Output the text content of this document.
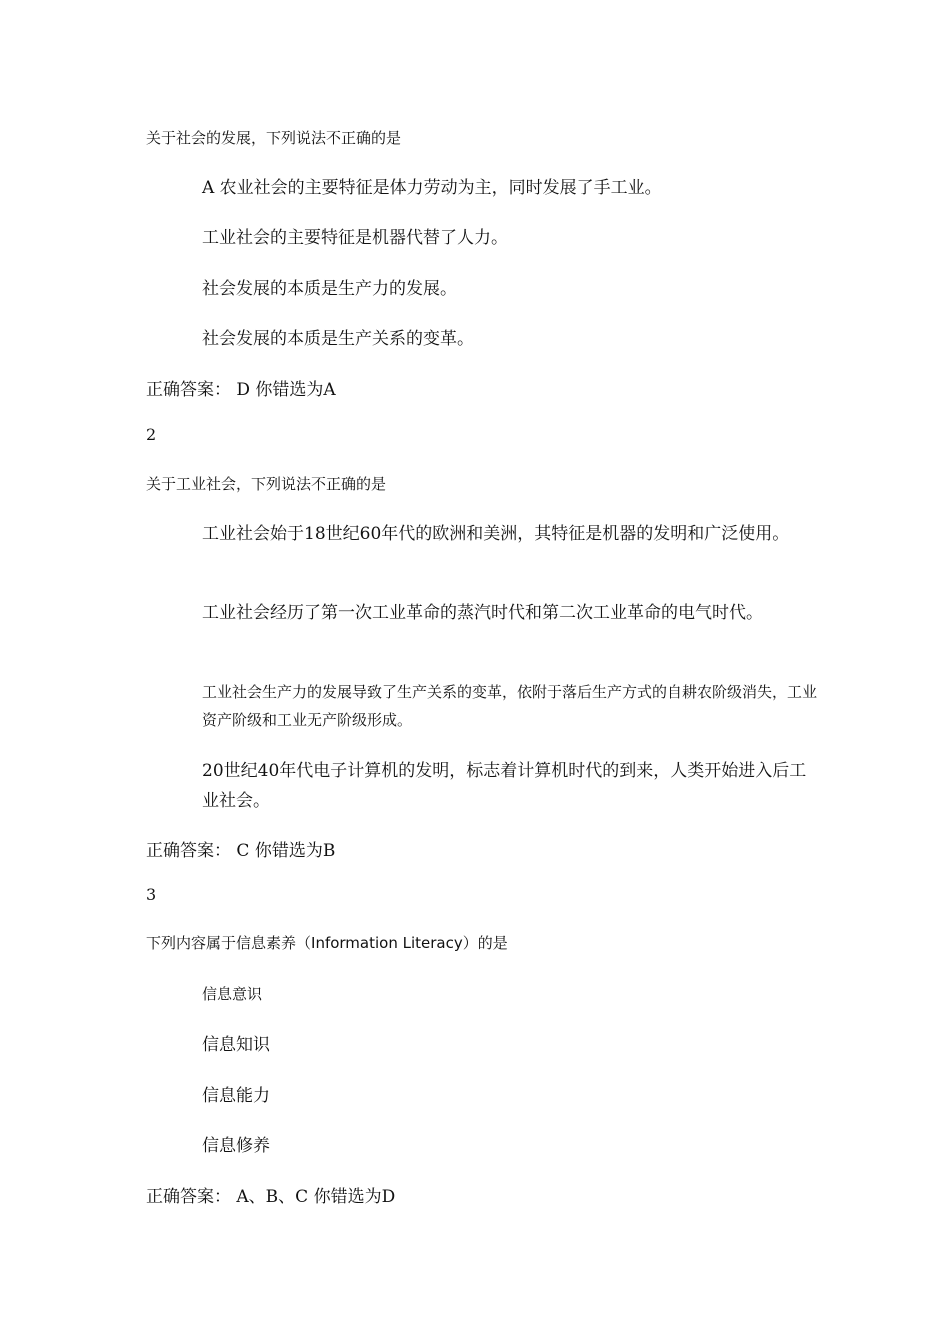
关于社会的发展，下列说法不正确的是
A 农业社会的主要特征是体力劳动为主，同时发展了手工业。
工业社会的主要特征是机器代替了人力。
社会发展的本质是生产力的发展。
社会发展的本质是生产关系的变革。
正确答案： D 你错选为A
2
关于工业社会，下列说法不正确的是
工业社会始于18世纪60年代的欧洲和美洲，其特征是机器的发明和广泛使用。
工业社会经历了第一次工业革命的蒸汽时代和第二次工业革命的电气时代。
工业社会生产力的发展导致了生产关系的变革，依附于落后生产方式的自耕农阶级消失，工业资产阶级和工业无产阶级形成。
20世纪40年代电子计算机的发明，标志着计算机时代的到来，人类开始进入后工业社会。
正确答案： C 你错选为B
3
下列内容属于信息素养（Information Literacy）的是
信息意识
信息知识
信息能力
信息修养
正确答案： A、B、C 你错选为D
